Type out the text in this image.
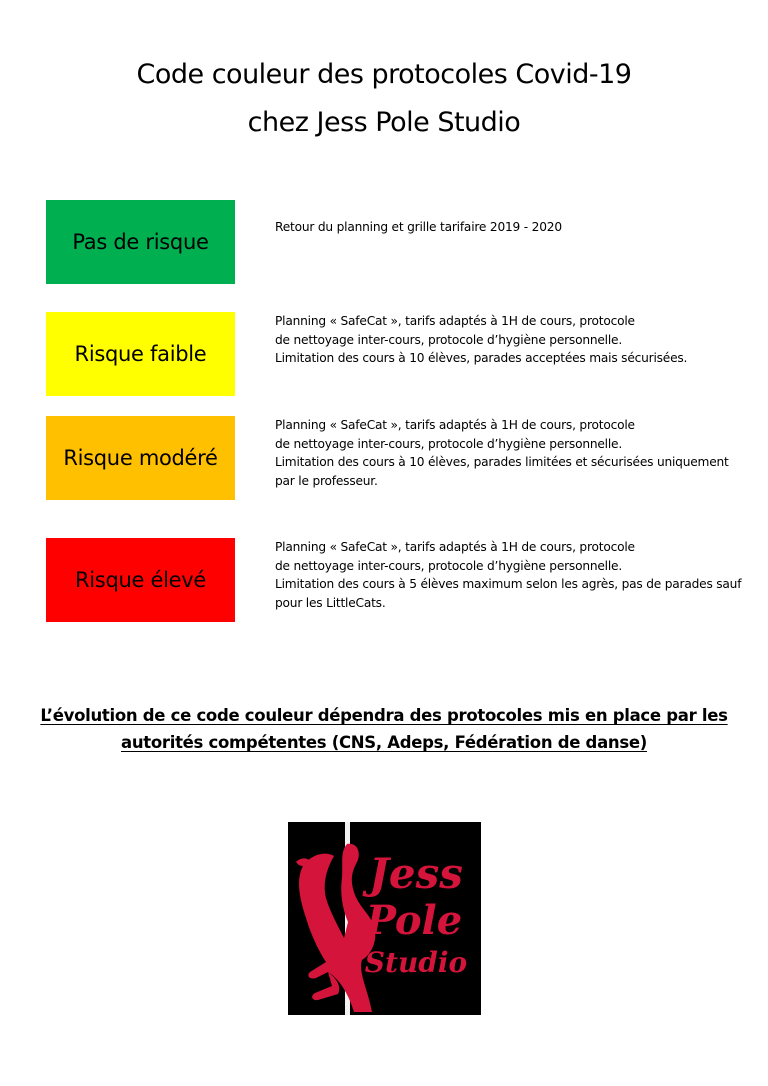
Code couleur des protocoles Covid-19
chez Jess Pole Studio
Pas de risque
Retour du planning et grille tarifaire 2019 - 2020
Risque faible
Planning « SafeCat », tarifs adaptés à 1H de cours, protocole
de nettoyage inter-cours, protocole d’hygiène personnelle.
Limitation des cours à 10 élèves, parades acceptées mais sécurisées.
Risque modéré
Planning « SafeCat », tarifs adaptés à 1H de cours, protocole
de nettoyage inter-cours, protocole d’hygiène personnelle.
Limitation des cours à 10 élèves, parades limitées et sécurisées uniquement
par le professeur.
Risque élevé
Planning « SafeCat », tarifs adaptés à 1H de cours, protocole
de nettoyage inter-cours, protocole d’hygiène personnelle.
Limitation des cours à 5 élèves maximum selon les agrès, pas de parades sauf
pour les LittleCats.
L’évolution de ce code couleur dépendra des protocoles mis en place par les
autorités compétentes (CNS, Adeps, Fédération de danse)
Jess
Pole
Studio
